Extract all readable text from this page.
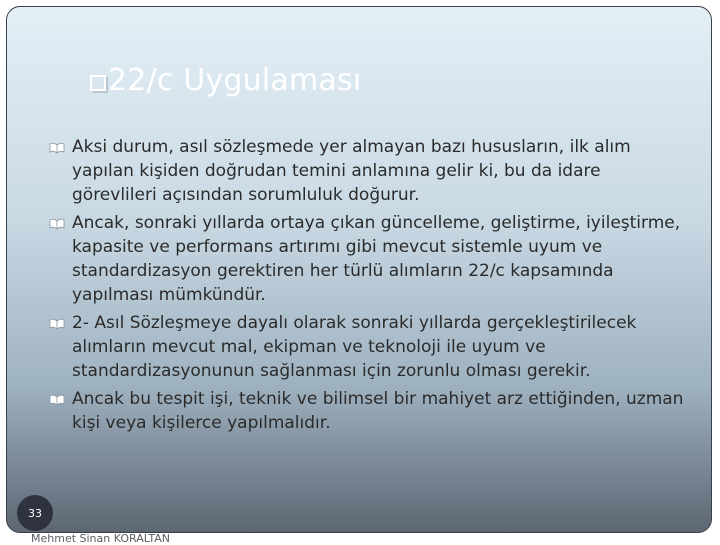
22/c Uygulaması
Aksi durum, asıl sözleşmede yer almayan bazı hususların, ilk alım yapılan kişiden doğrudan temini anlamına gelir ki, bu da idare görevlileri açısından sorumluluk doğurur.
Ancak, sonraki yıllarda ortaya çıkan güncelleme, geliştirme, iyileştirme, kapasite ve performans artırımı gibi mevcut sistemle uyum ve standardizasyon gerektiren her türlü alımların 22/c kapsamında yapılması mümkündür.
2- Asıl Sözleşmeye dayalı olarak sonraki yıllarda gerçekleştirilecek alımların mevcut mal, ekipman ve teknoloji ile uyum ve standardizasyonunun sağlanması için zorunlu olması gerekir.
Ancak bu tespit işi, teknik ve bilimsel bir mahiyet arz ettiğinden, uzman kişi veya kişilerce yapılmalıdır.
33
Mehmet Sinan KORALTAN
